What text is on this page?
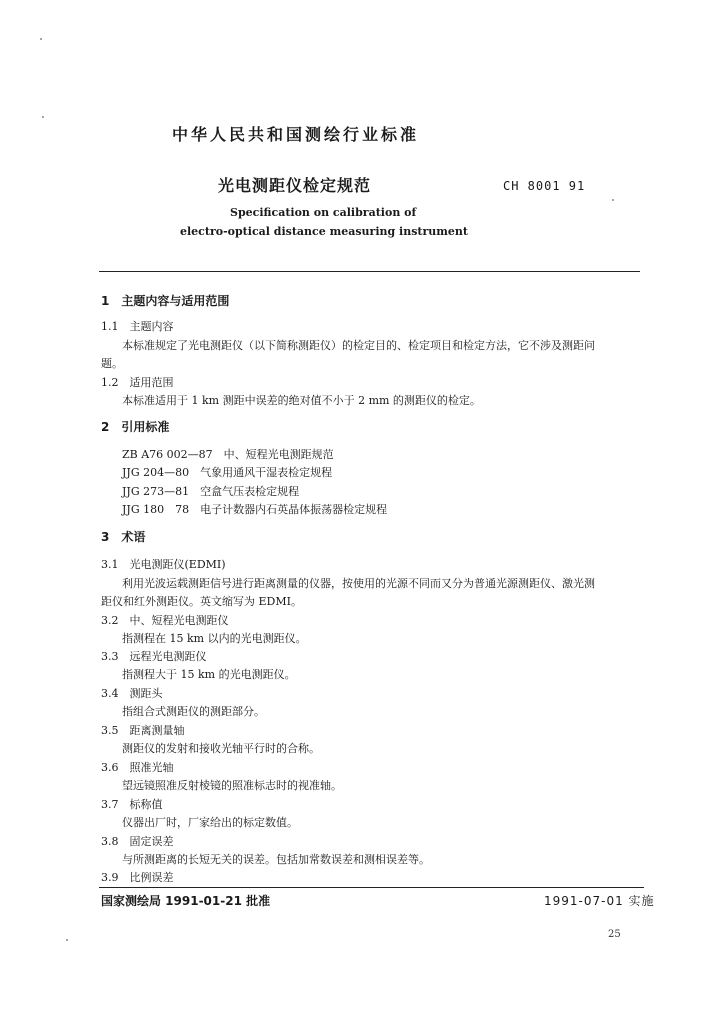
中华人民共和国测绘行业标准
光电测距仪检定规范	CH 8001 91
Specification on calibration of
electro-optical distance measuring instrument
1　主题内容与适用范围
1.1　主题内容
本标准规定了光电测距仪（以下简称测距仪）的检定目的、检定项目和检定方法，它不涉及测距问
题。
1.2　适用范围
本标准适用于 1 km 测距中误差的绝对值不小于 2 mm 的测距仪的检定。
2　引用标准
ZB A76 002—87　中、短程光电测距规范
JJG 204—80　气象用通风干湿表检定规程
JJG 273—81　空盒气压表检定规程
JJG 180　78　电子计数器内石英晶体振荡器检定规程
3　术语
3.1　光电测距仪(EDMI)
利用光波运载测距信号进行距离测量的仪器，按使用的光源不同而又分为普通光源测距仪、激光测
距仪和红外测距仪。英文缩写为 EDMI。
3.2　中、短程光电测距仪
指测程在 15 km 以内的光电测距仪。
3.3　远程光电测距仪
指测程大于 15 km 的光电测距仪。
3.4　测距头
指组合式测距仪的测距部分。
3.5　距离测量轴
测距仪的发射和接收光轴平行时的合称。
3.6　照准光轴
望远镜照准反射棱镜的照准标志时的视准轴。
3.7　标称值
仪器出厂时，厂家给出的标定数值。
3.8　固定误差
与所测距离的长短无关的误差。包括加常数误差和测相误差等。
3.9　比例误差
国家测绘局 1991-01-21 批准	1991-07-01 实施
25
